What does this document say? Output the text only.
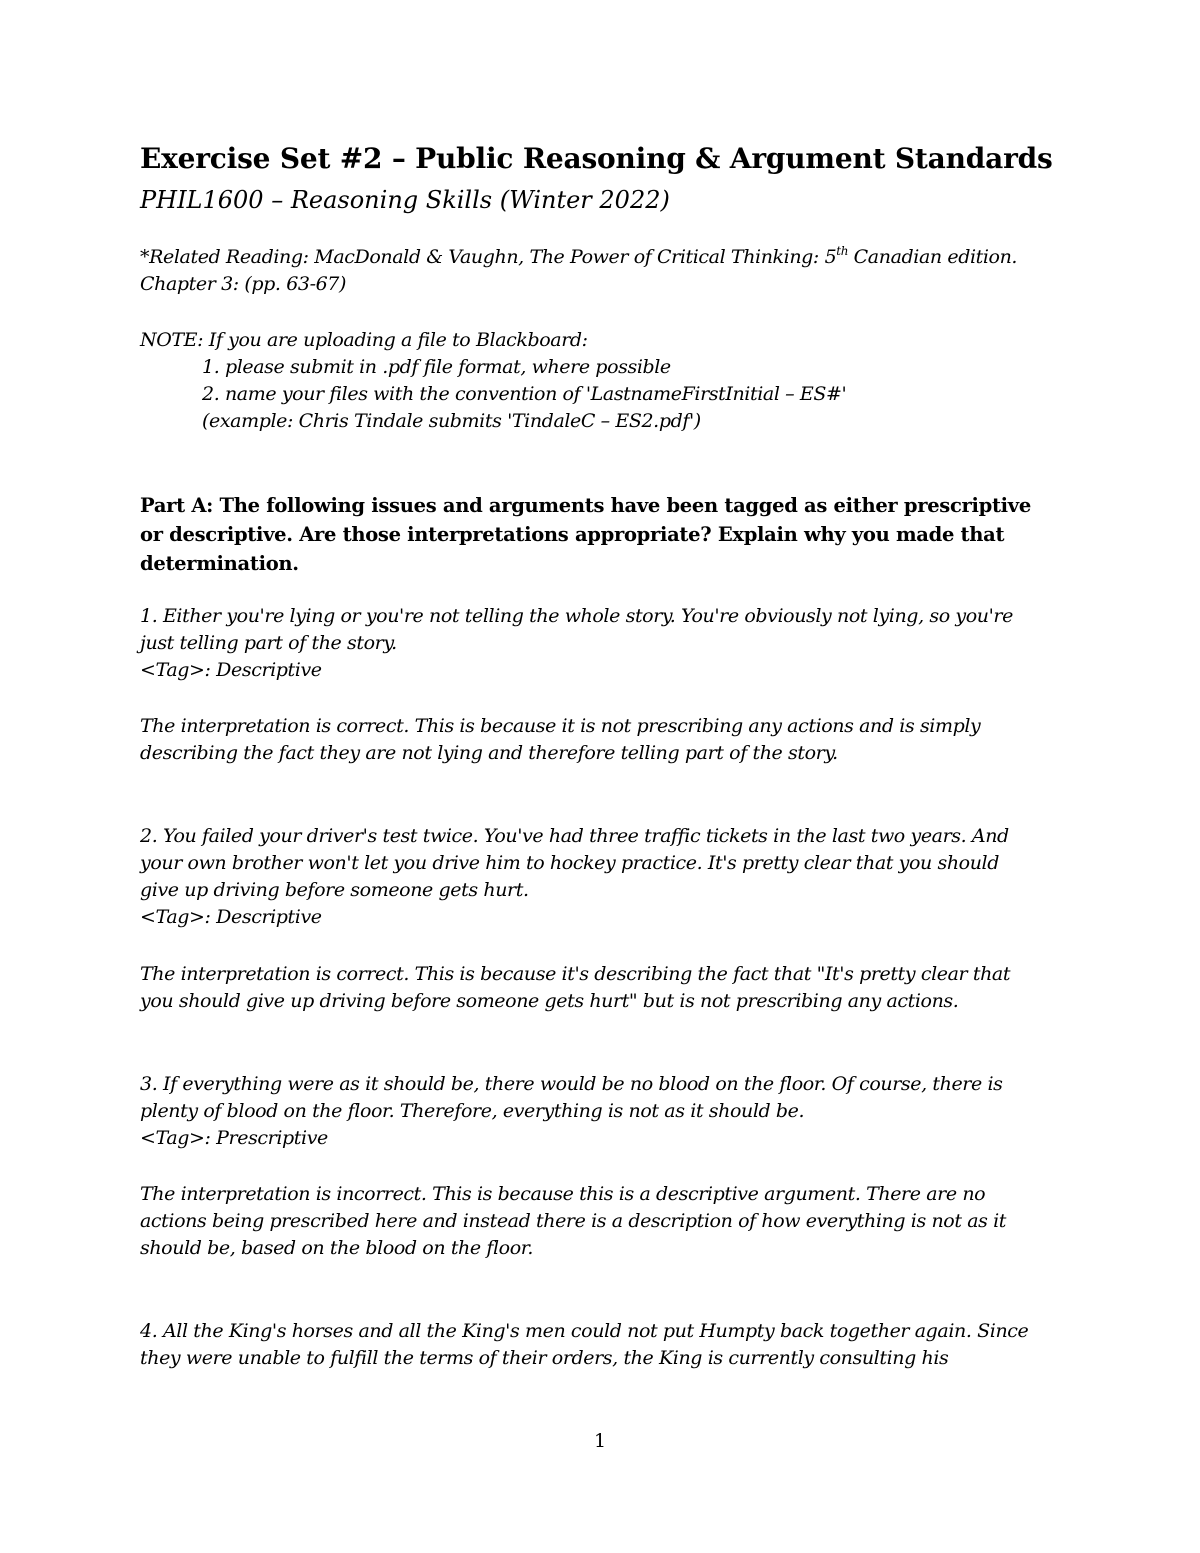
Exercise Set #2 – Public Reasoning & Argument Standards
PHIL1600 – Reasoning Skills (Winter 2022)
*Related Reading: MacDonald & Vaughn, The Power of Critical Thinking: 5th Canadian edition.
Chapter 3: (pp. 63-67)
NOTE: If you are uploading a file to Blackboard:
1. please submit in .pdf file format, where possible
2. name your files with the convention of 'LastnameFirstInitial – ES#'
(example: Chris Tindale submits 'TindaleC – ES2.pdf')
Part A: The following issues and arguments have been tagged as either prescriptive
or descriptive. Are those interpretations appropriate? Explain why you made that
determination.
1. Either you're lying or you're not telling the whole story. You're obviously not lying, so you're
just telling part of the story.
<Tag>: Descriptive
The interpretation is correct. This is because it is not prescribing any actions and is simply
describing the fact they are not lying and therefore telling part of the story.
2. You failed your driver's test twice. You've had three traffic tickets in the last two years. And
your own brother won't let you drive him to hockey practice. It's pretty clear that you should
give up driving before someone gets hurt.
<Tag>: Descriptive
The interpretation is correct. This is because it's describing the fact that "It's pretty clear that
you should give up driving before someone gets hurt" but is not prescribing any actions.
3. If everything were as it should be, there would be no blood on the floor. Of course, there is
plenty of blood on the floor. Therefore, everything is not as it should be.
<Tag>: Prescriptive
The interpretation is incorrect. This is because this is a descriptive argument. There are no
actions being prescribed here and instead there is a description of how everything is not as it
should be, based on the blood on the floor.
4. All the King's horses and all the King's men could not put Humpty back together again. Since
they were unable to fulfill the terms of their orders, the King is currently consulting his
1
